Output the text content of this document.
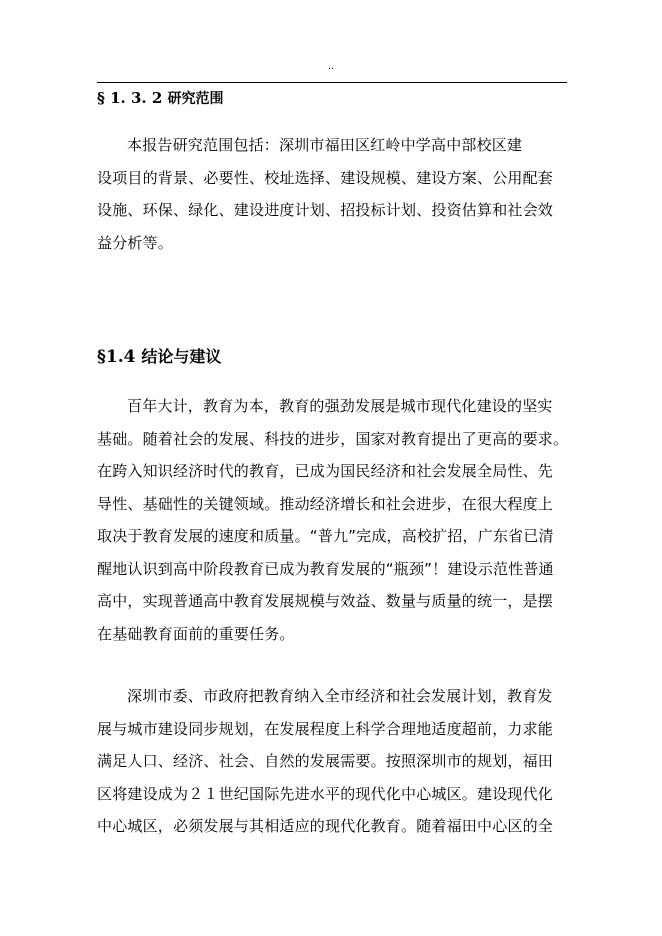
..
§ 1. 3. 2 研究范围
本报告研究范围包括：深圳市福田区红岭中学高中部校区建
设项目的背景、必要性、校址选择、建设规模、建设方案、公用配套
设施、环保、绿化、建设进度计划、招投标计划、投资估算和社会效
益分析等。
§1.4 结论与建议
百年大计，教育为本，教育的强劲发展是城市现代化建设的坚实
基础。随着社会的发展、科技的进步，国家对教育提出了更高的要求。
在跨入知识经济时代的教育，已成为国民经济和社会发展全局性、先
导性、基础性的关键领域。推动经济增长和社会进步，在很大程度上
取决于教育发展的速度和质量。“普九”完成，高校扩招，广东省已清
醒地认识到高中阶段教育已成为教育发展的“瓶颈”！建设示范性普通
高中，实现普通高中教育发展规模与效益、数量与质量的统一，是摆
在基础教育面前的重要任务。
深圳市委、市政府把教育纳入全市经济和社会发展计划，教育发
展与城市建设同步规划，在发展程度上科学合理地适度超前，力求能
满足人口、经济、社会、自然的发展需要。按照深圳市的规划，福田
区将建设成为２１世纪国际先进水平的现代化中心城区。建设现代化
中心城区，必须发展与其相适应的现代化教育。随着福田中心区的全
